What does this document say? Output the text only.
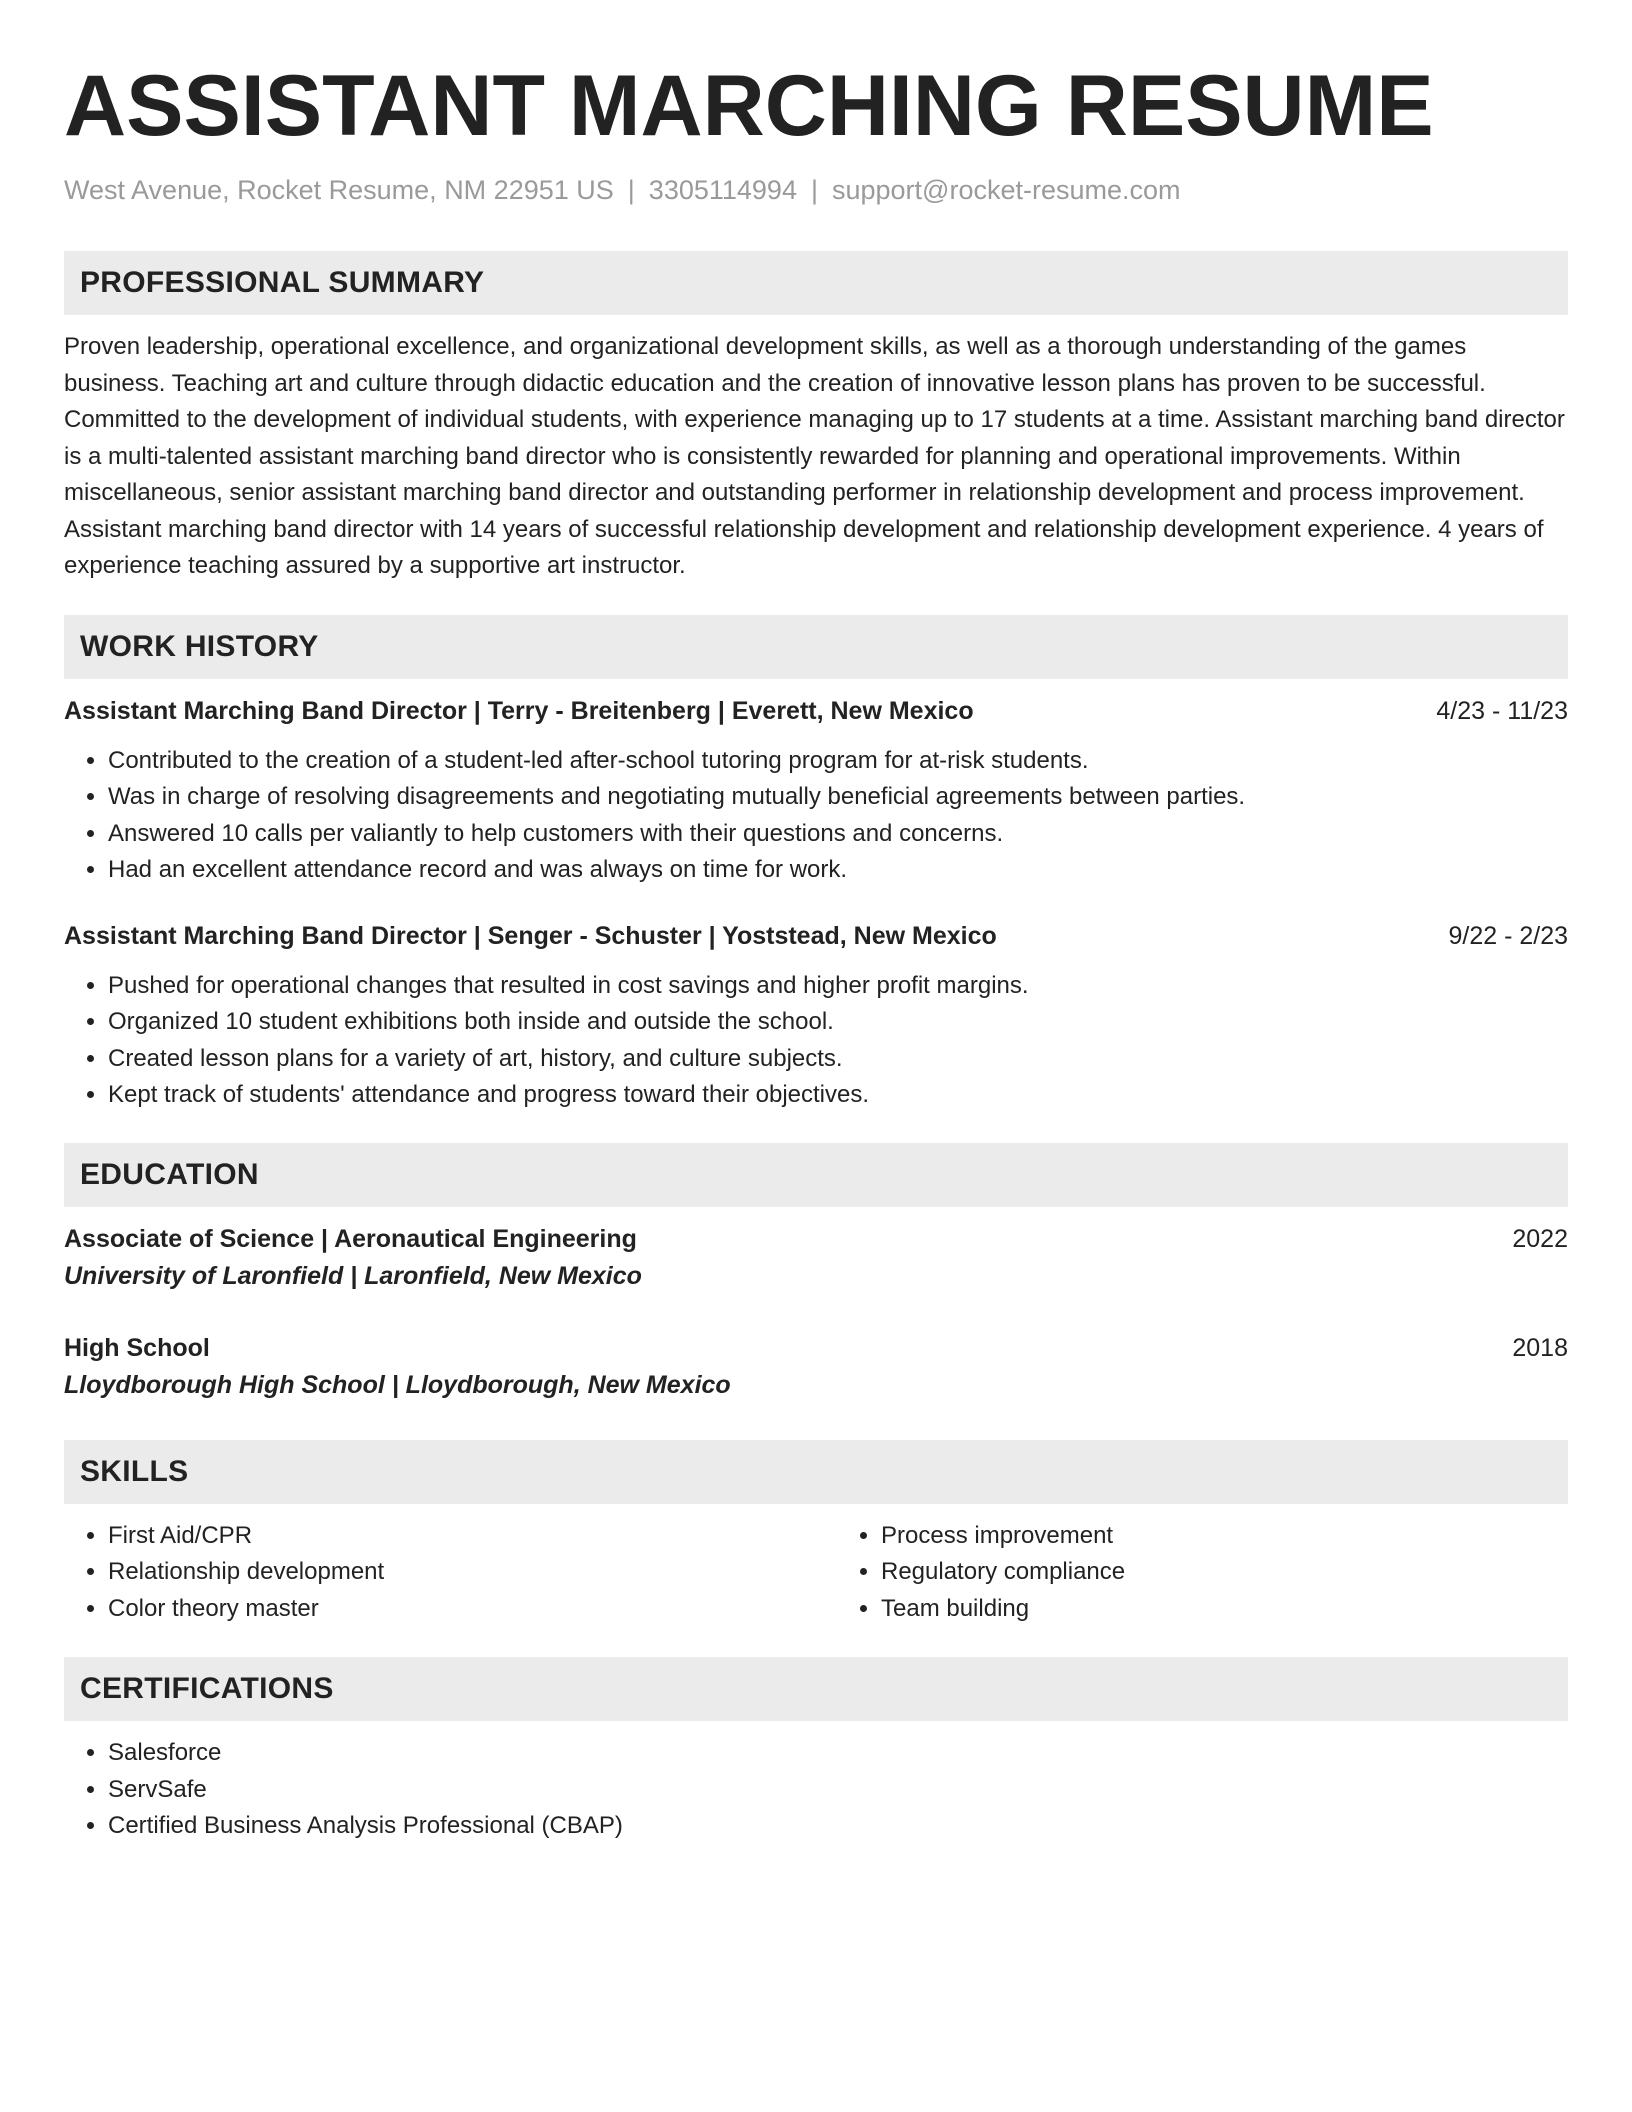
ASSISTANT MARCHING RESUME
West Avenue, Rocket Resume, NM 22951 US | 3305114994 | support@rocket-resume.com
PROFESSIONAL SUMMARY

Proven leadership, operational excellence, and organizational development skills, as well as a thorough understanding of the games business. Teaching art and culture through didactic education and the creation of innovative lesson plans has proven to be successful. Committed to the development of individual students, with experience managing up to 17 students at a time. Assistant marching band director is a multi-talented assistant marching band director who is consistently rewarded for planning and operational improvements. Within miscellaneous, senior assistant marching band director and outstanding performer in relationship development and process improvement. Assistant marching band director with 14 years of successful relationship development and relationship development experience. 4 years of experience teaching assured by a supportive art instructor.

WORK HISTORY
Assistant Marching Band Director | Terry - Breitenberg | Everett, New Mexico	4/23 - 11/23
• Contributed to the creation of a student-led after-school tutoring program for at-risk students.
• Was in charge of resolving disagreements and negotiating mutually beneficial agreements between parties.
• Answered 10 calls per valiantly to help customers with their questions and concerns.
• Had an excellent attendance record and was always on time for work.
Assistant Marching Band Director | Senger - Schuster | Yoststead, New Mexico	9/22 - 2/23
• Pushed for operational changes that resulted in cost savings and higher profit margins.
• Organized 10 student exhibitions both inside and outside the school.
• Created lesson plans for a variety of art, history, and culture subjects.
• Kept track of students' attendance and progress toward their objectives.
EDUCATION
Associate of Science | Aeronautical Engineering	2022
University of Laronfield | Laronfield, New Mexico
High School	2018
Lloydborough High School | Lloydborough, New Mexico
SKILLS
• First Aid/CPR
• Relationship development
• Color theory master
• Process improvement
• Regulatory compliance
• Team building
CERTIFICATIONS
• Salesforce
• ServSafe
• Certified Business Analysis Professional (CBAP)
